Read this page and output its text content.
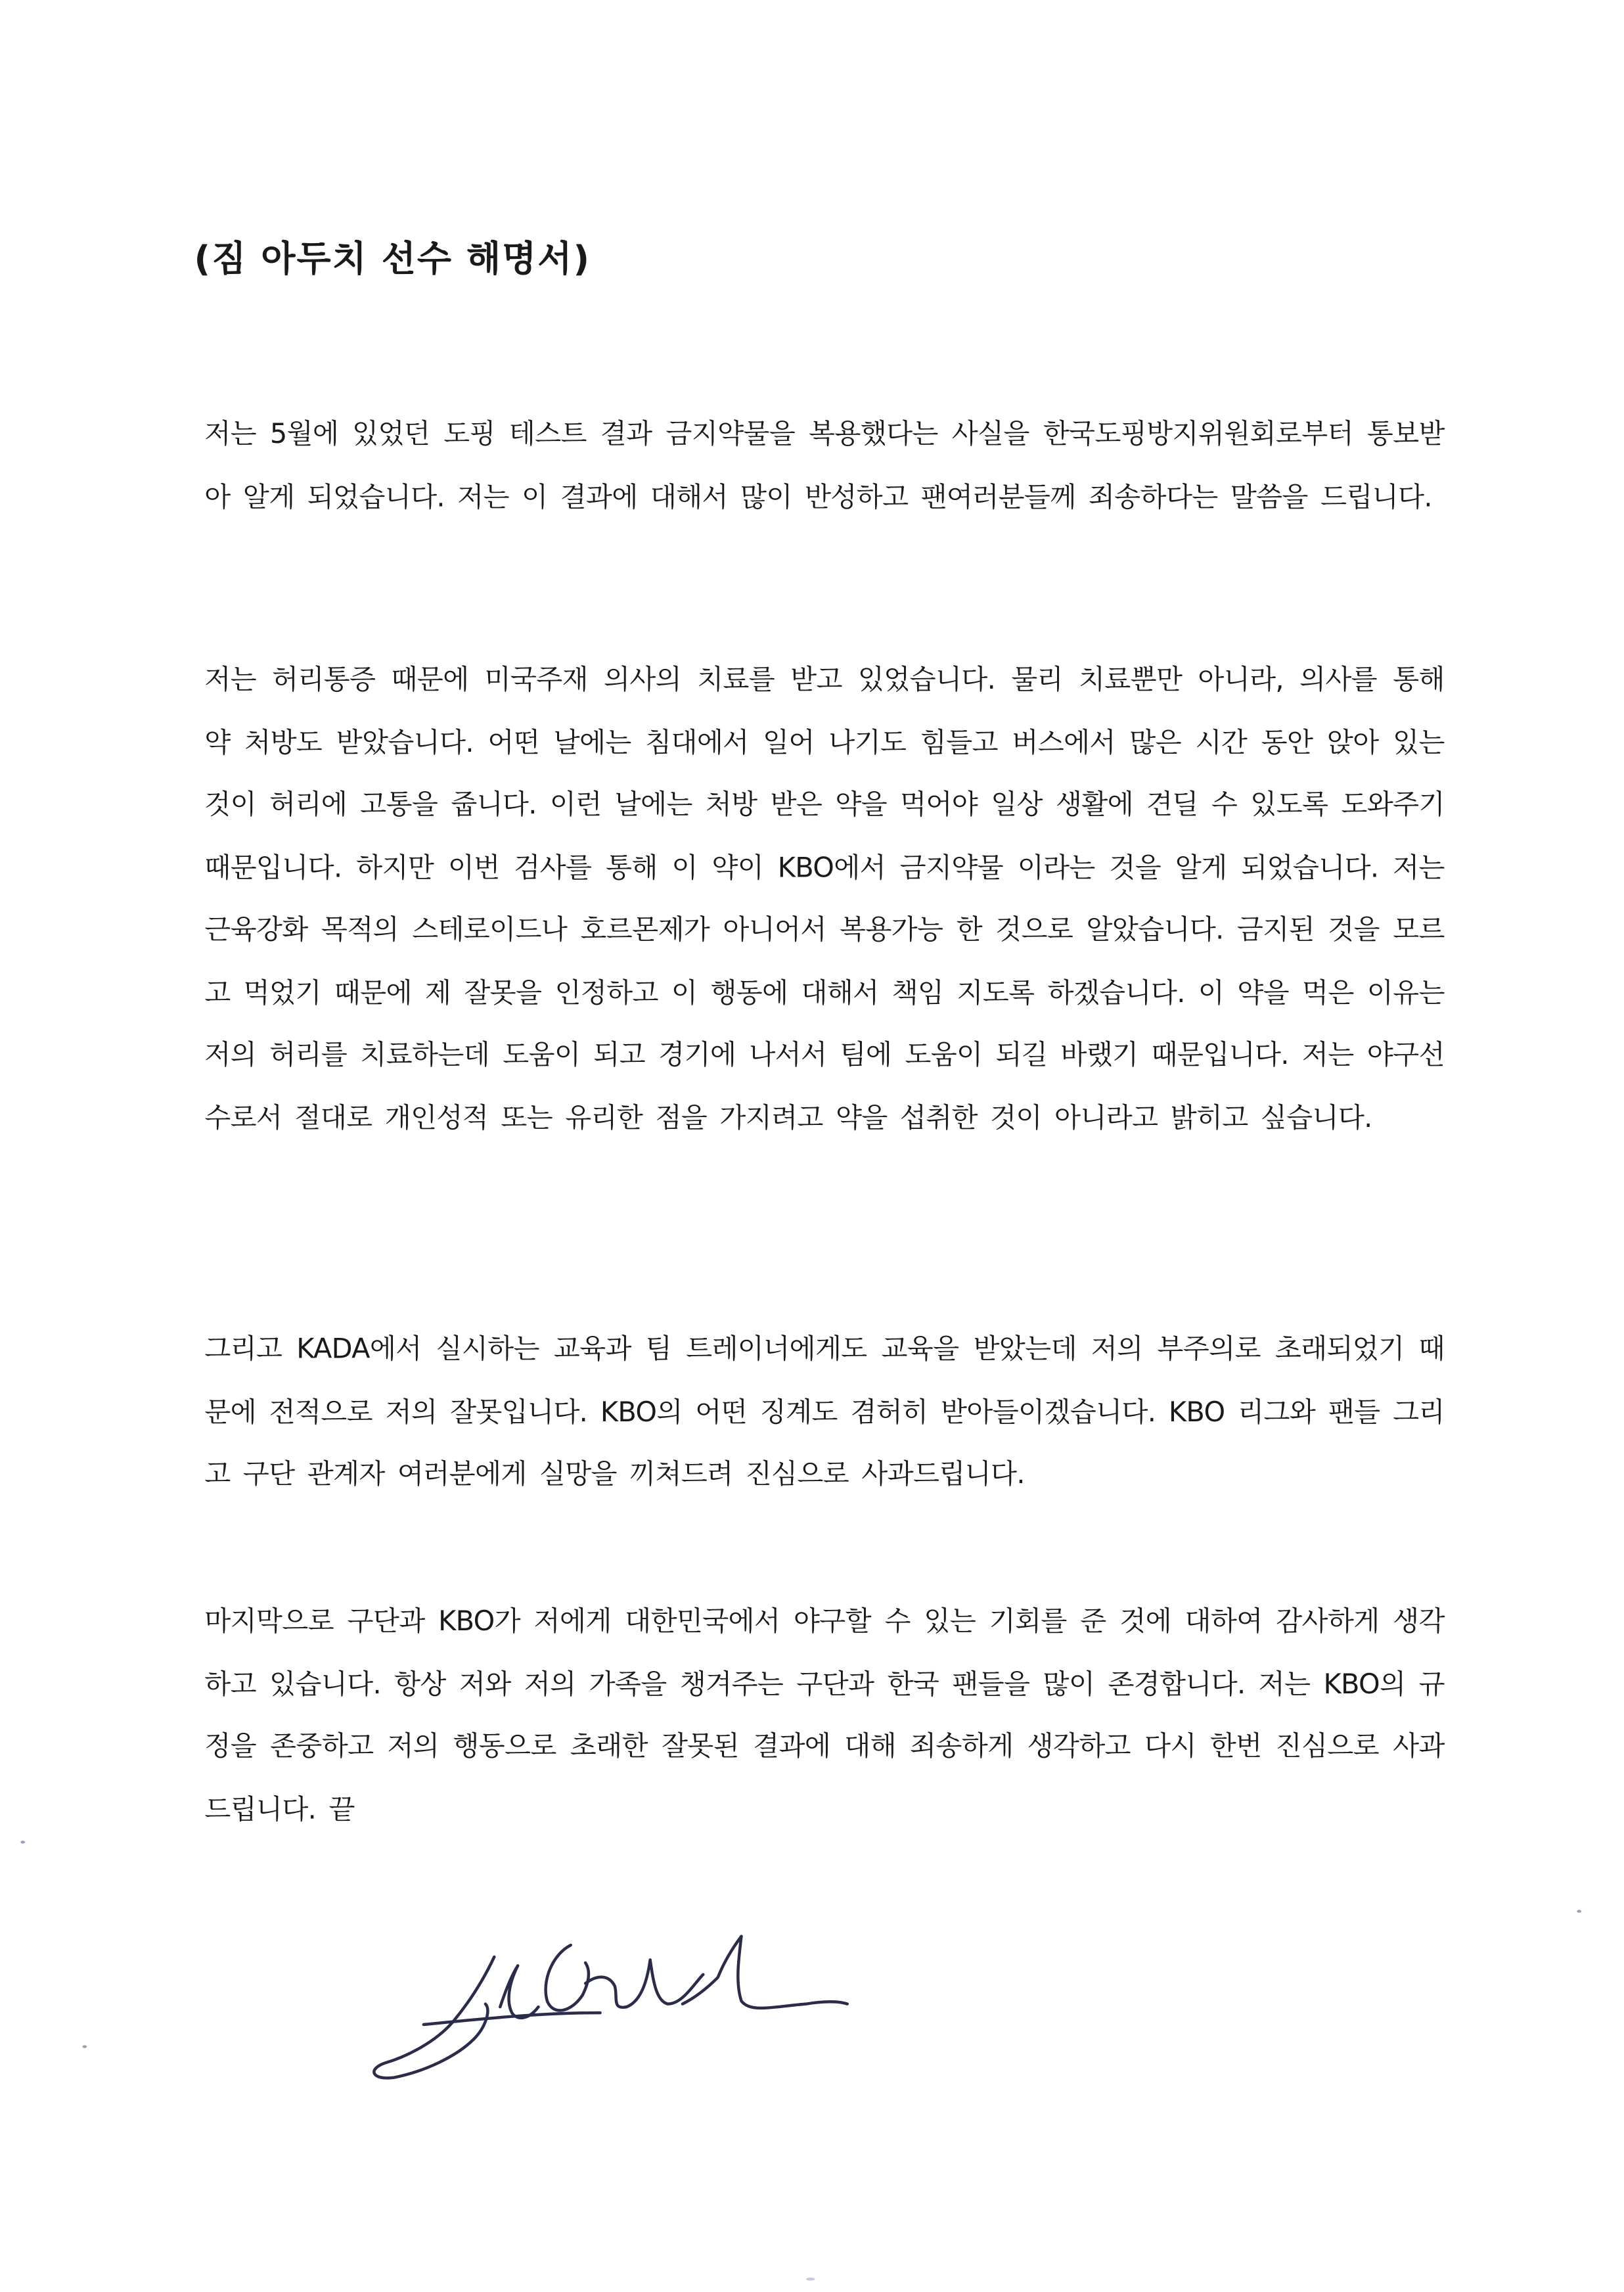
(짐 아두치 선수 해명서)

저는 5월에 있었던 도핑 테스트 결과 금지약물을 복용했다는 사실을 한국도핑방지위원회로부터 통보받아 알게 되었습니다. 저는 이 결과에 대해서 많이 반성하고 팬여러분들께 죄송하다는 말씀을 드립니다.

저는 허리통증 때문에 미국주재 의사의 치료를 받고 있었습니다. 물리 치료뿐만 아니라, 의사를 통해 약 처방도 받았습니다. 어떤 날에는 침대에서 일어 나기도 힘들고 버스에서 많은 시간 동안 앉아 있는 것이 허리에 고통을 줍니다. 이런 날에는 처방 받은 약을 먹어야 일상 생활에 견딜 수 있도록 도와주기 때문입니다. 하지만 이번 검사를 통해 이 약이 KBO에서 금지약물 이라는 것을 알게 되었습니다. 저는 근육강화 목적의 스테로이드나 호르몬제가 아니어서 복용가능 한 것으로 알았습니다. 금지된 것을 모르고 먹었기 때문에 제 잘못을 인정하고 이 행동에 대해서 책임 지도록 하겠습니다. 이 약을 먹은 이유는 저의 허리를 치료하는데 도움이 되고 경기에 나서서 팀에 도움이 되길 바랬기 때문입니다. 저는 야구선수로서 절대로 개인성적 또는 유리한 점을 가지려고 약을 섭취한 것이 아니라고 밝히고 싶습니다.

그리고 KADA에서 실시하는 교육과 팀 트레이너에게도 교육을 받았는데 저의 부주의로 초래되었기 때문에 전적으로 저의 잘못입니다. KBO의 어떤 징계도 겸허히 받아들이겠습니다. KBO 리그와 팬들 그리고 구단 관계자 여러분에게 실망을 끼쳐드려 진심으로 사과드립니다.

마지막으로 구단과 KBO가 저에게 대한민국에서 야구할 수 있는 기회를 준 것에 대하여 감사하게 생각하고 있습니다. 항상 저와 저의 가족을 챙겨주는 구단과 한국 팬들을 많이 존경합니다. 저는 KBO의 규정을 존중하고 저의 행동으로 초래한 잘못된 결과에 대해 죄송하게 생각하고 다시 한번 진심으로 사과 드립니다. 끝
